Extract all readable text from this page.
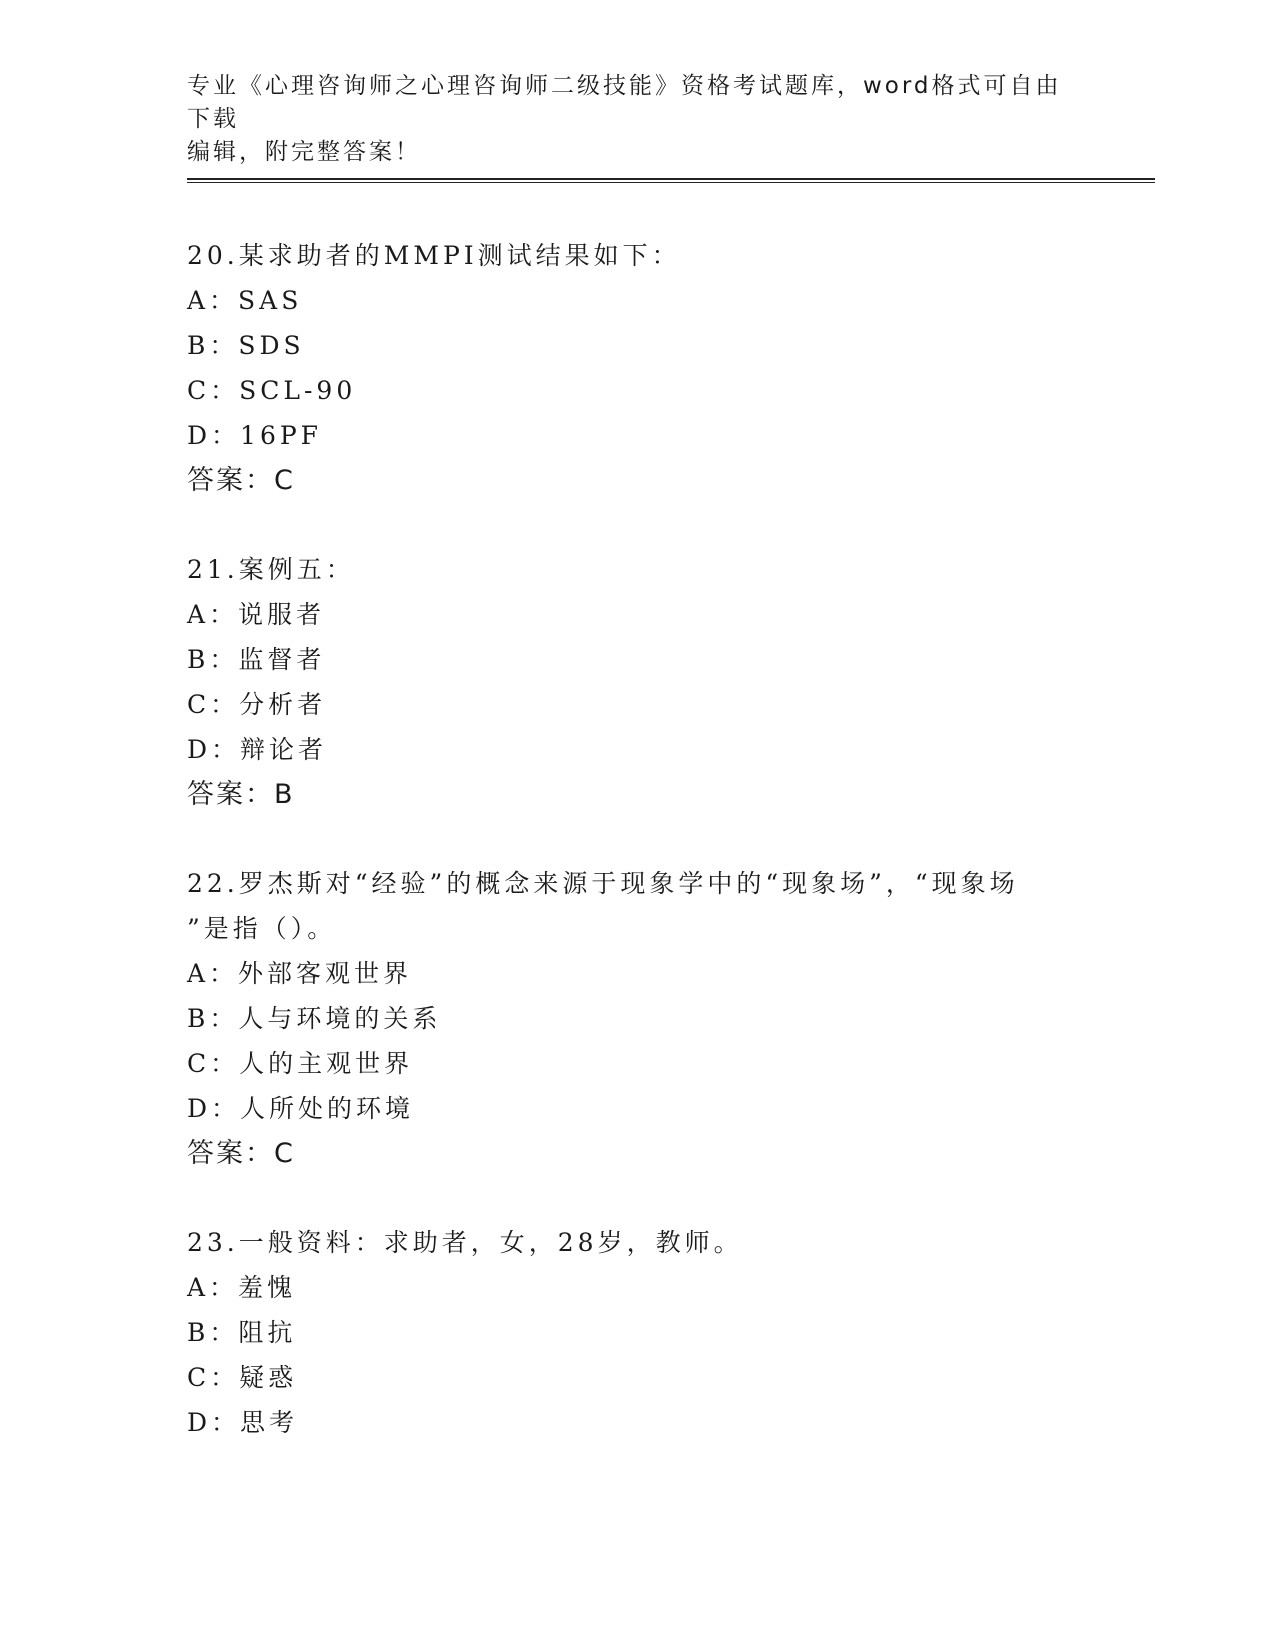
专业《心理咨询师之心理咨询师二级技能》资格考试题库，word格式可自由下载
编辑，附完整答案！

20.某求助者的MMPI测试结果如下：

A：SAS

B：SDS

C：SCL-90

D：16PF

答案：C

21.案例五：

A：说服者

B：监督者

C：分析者

D：辩论者

答案：B

22.罗杰斯对“经验”的概念来源于现象学中的“现象场”，“现象场

”是指（）。

A：外部客观世界

B：人与环境的关系

C：人的主观世界

D：人所处的环境

答案：C

23.一般资料：求助者，女，28岁，教师。

A：羞愧

B：阻抗

C：疑惑

D：思考
